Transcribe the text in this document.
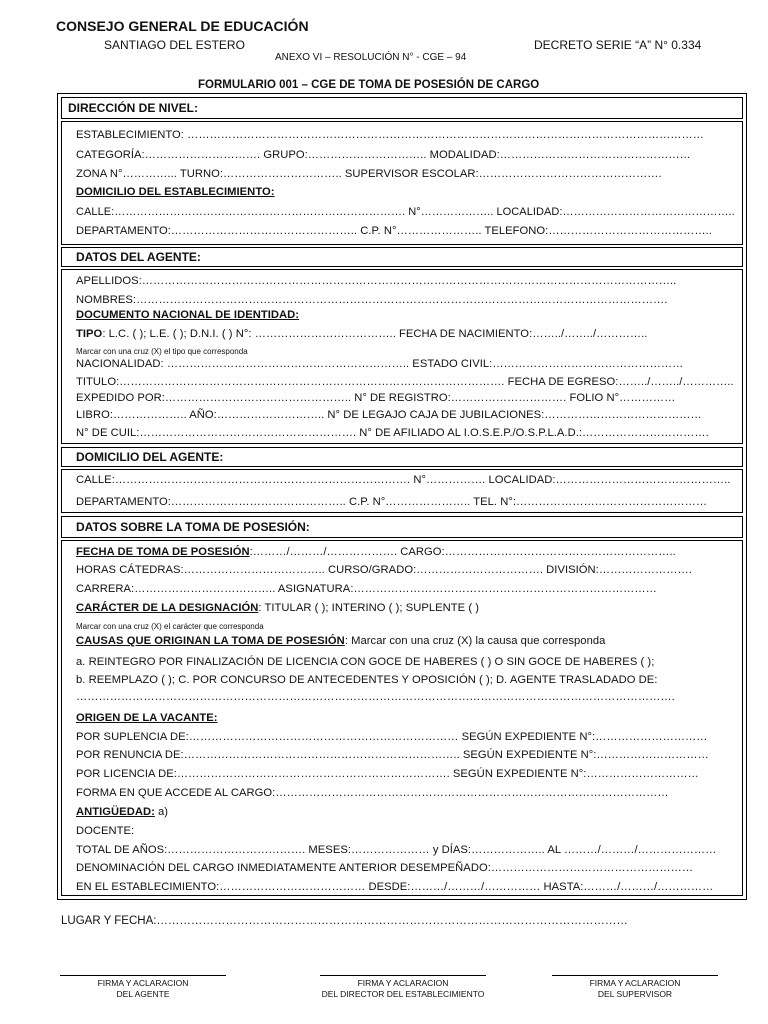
CONSEJO GENERAL DE EDUCACIÓN
SANTIAGO DEL ESTERO	DECRETO SERIE “A” N° 0.334
ANEXO VI – RESOLUCIÓN N° - CGE – 94
FORMULARIO 001 – CGE DE TOMA DE POSESIÓN DE CARGO
DIRECCIÓN DE NIVEL:
ESTABLECIMIENTO: …………………………………………………………………………………………………………………………
CATEGORÍA:…………………………. GRUPO:………………………….. MODALIDAD:……………………………………………
ZONA N°…………... TURNO:………………………….. SUPERVISOR ESCOLAR:………………………………………….
DOMICILIO DEL ESTABLECIMIENTO:
CALLE:……………………………………………………………………. N°……………….. LOCALIDAD:………………………………………..
DEPARTAMENTO:………………………………………….. C.P. N°………………….. TELEFONO:……………………………………..
DATOS DEL AGENTE:
APELLIDOS:……………………………………………………………………………………………………………………………..
NOMBRES:…………………………………………………………………………………………………………………………….
DOCUMENTO NACIONAL DE IDENTIDAD:
TIPO: L.C. ( ); L.E. ( ); D.N.I. ( ) N°: ……………………………….. FECHA DE NACIMIENTO:……../……../…………..
Marcar con una cruz (X) el tipo que corresponda
NACIONALIDAD: ……………………………………………………….. ESTADO CIVIL:……………………………………………
TITULO:…………………………………………………………………………………………. FECHA DE EGRESO:……../……../…………..
EXPEDIDO POR:………………………………………….. N° DE REGISTRO:…………………………. FOLIO N°……………
LIBRO:……………….. AÑO:……………………….. N° DE LEGAJO CAJA DE JUBILACIONES:……………………………………
N° DE CUIL:…………………………………………………. N° DE AFILIADO AL I.O.S.E.P./O.S.P.L.A.D.:…………………………….
DOMICILIO DEL AGENTE:
CALLE:……………………………………………………………………. N°……………. LOCALIDAD:………………………………………..
DEPARTAMENTO:……………………………………….. C.P. N°………………….. TEL. N°:……………………………………………
DATOS SOBRE LA TOMA DE POSESIÓN:
FECHA DE TOMA DE POSESIÓN:………/………/………………. CARGO:……………………………………………………..
HORAS CÁTEDRAS:……………………………….. CURSO/GRADO:……………………………. DIVISIÓN:…………………….
CARRERA:……………………………….. ASIGNATURA:………………………………………………………………………
CARÁCTER DE LA DESIGNACIÓN: TITULAR ( ); INTERINO ( ); SUPLENTE ( )
Marcar con una cruz (X) el carácter que corresponda
CAUSAS QUE ORIGINAN LA TOMA DE POSESIÓN: Marcar con una cruz (X) la causa que corresponda
a. REINTEGRO POR FINALIZACIÓN DE LICENCIA CON GOCE DE HABERES ( ) O SIN GOCE DE HABERES ( );
b. REEMPLAZO ( ); C. POR CONCURSO DE ANTECEDENTES Y OPOSICIÓN ( ); D. AGENTE TRASLADADO DE:
…………………………………………………………………………………………………………………………………………….
ORIGEN DE LA VACANTE:
POR SUPLENCIA DE:……………………………………………………………… SEGÚN EXPEDIENTE N°:…………………………
POR RENUNCIA DE:……………………………………………………………….. SEGÚN EXPEDIENTE N°:…………………………
POR LICENCIA DE:………………………………………………………………. SEGÚN EXPEDIENTE N°:…………………………
FORMA EN QUE ACCEDE AL CARGO:……………………………………………………………………………………………
ANTIGÜEDAD: a)
DOCENTE:
TOTAL DE AÑOS:………………………………. MESES:………………… y DÍAS:……………….. AL ………/………/…………………
DENOMINACIÓN DEL CARGO INMEDIATAMENTE ANTERIOR DESEMPEÑADO:………………………………………………
EN EL ESTABLECIMIENTO:………………………………… DESDE:………/………/…………… HASTA:………/………/……………
LUGAR Y FECHA:……………………………………………………………………………………………………………
FIRMA Y ACLARACION
DEL AGENTE
FIRMA Y ACLARACION
DEL DIRECTOR DEL ESTABLECIMIENTO
FIRMA Y ACLARACION
DEL SUPERVISOR
